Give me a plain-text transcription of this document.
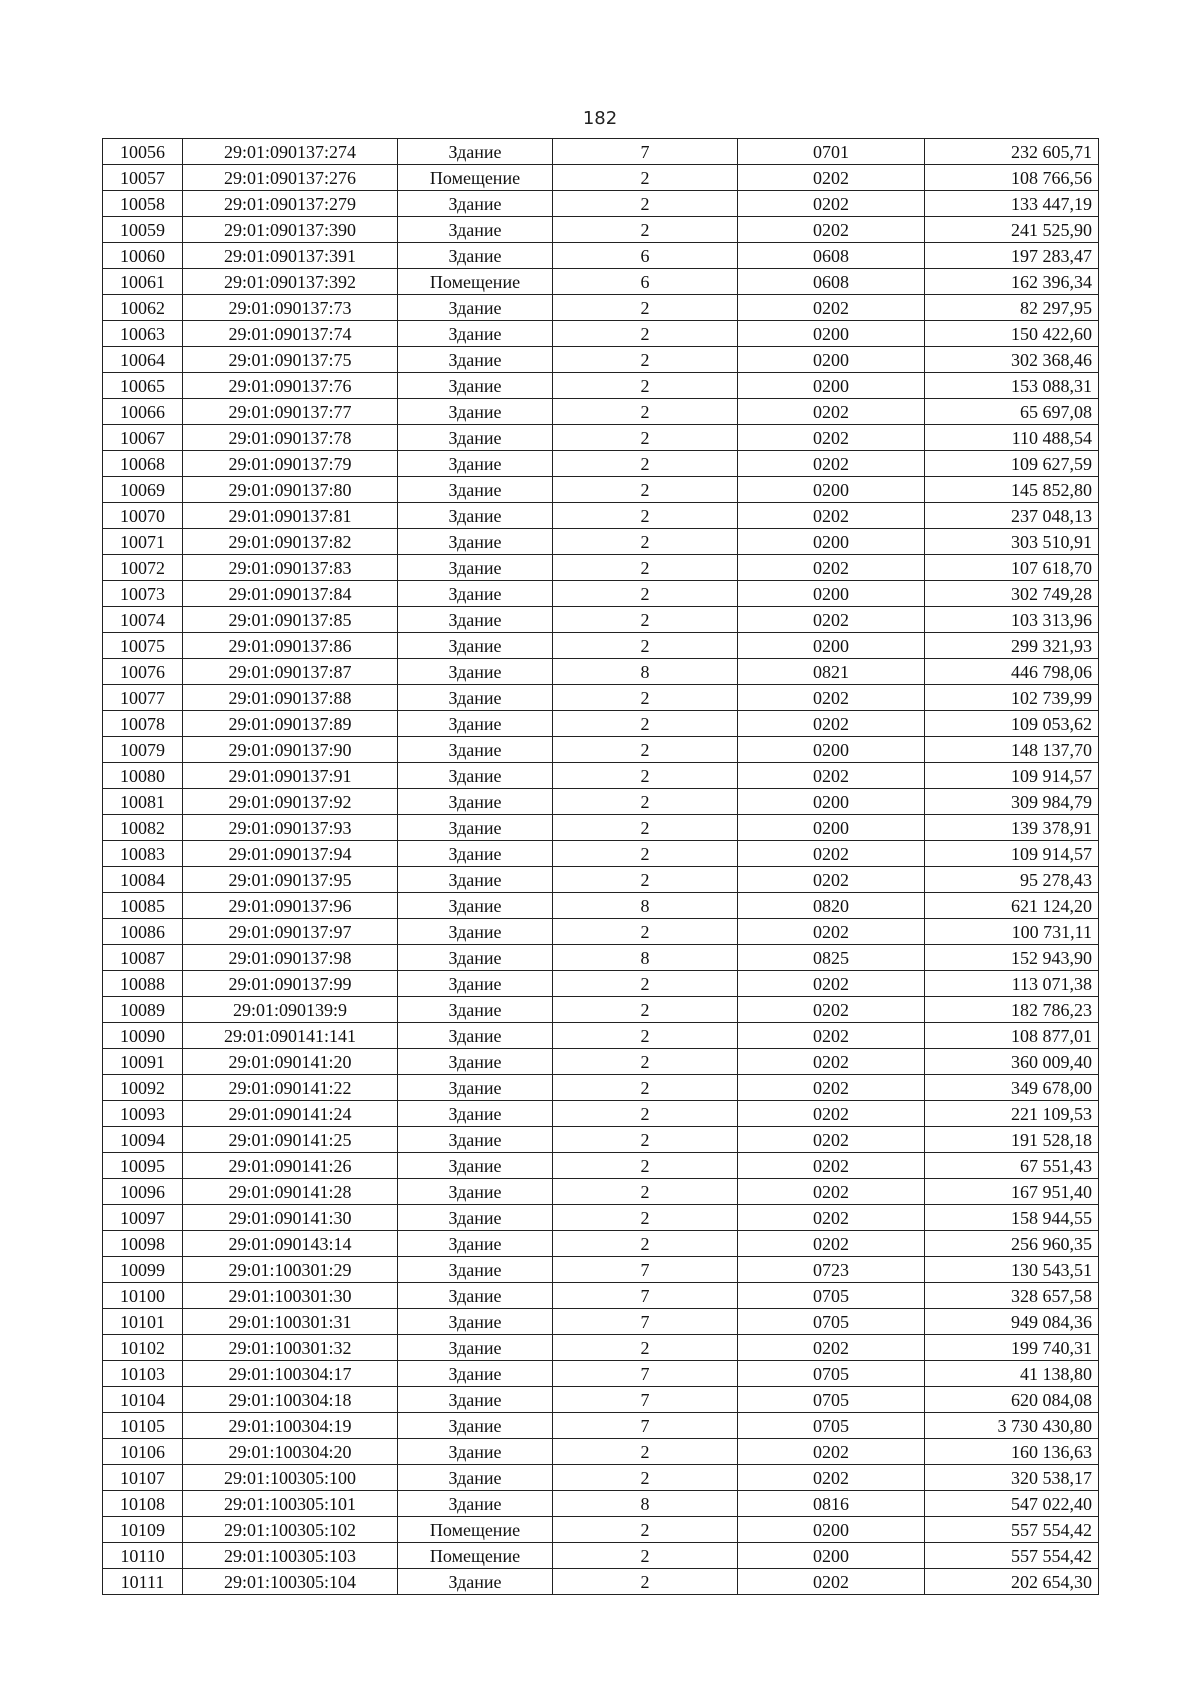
182
10056	29:01:090137:274	Здание	7	0701	232 605,71
10057	29:01:090137:276	Помещение	2	0202	108 766,56
10058	29:01:090137:279	Здание	2	0202	133 447,19
10059	29:01:090137:390	Здание	2	0202	241 525,90
10060	29:01:090137:391	Здание	6	0608	197 283,47
10061	29:01:090137:392	Помещение	6	0608	162 396,34
10062	29:01:090137:73	Здание	2	0202	82 297,95
10063	29:01:090137:74	Здание	2	0200	150 422,60
10064	29:01:090137:75	Здание	2	0200	302 368,46
10065	29:01:090137:76	Здание	2	0200	153 088,31
10066	29:01:090137:77	Здание	2	0202	65 697,08
10067	29:01:090137:78	Здание	2	0202	110 488,54
10068	29:01:090137:79	Здание	2	0202	109 627,59
10069	29:01:090137:80	Здание	2	0200	145 852,80
10070	29:01:090137:81	Здание	2	0202	237 048,13
10071	29:01:090137:82	Здание	2	0200	303 510,91
10072	29:01:090137:83	Здание	2	0202	107 618,70
10073	29:01:090137:84	Здание	2	0200	302 749,28
10074	29:01:090137:85	Здание	2	0202	103 313,96
10075	29:01:090137:86	Здание	2	0200	299 321,93
10076	29:01:090137:87	Здание	8	0821	446 798,06
10077	29:01:090137:88	Здание	2	0202	102 739,99
10078	29:01:090137:89	Здание	2	0202	109 053,62
10079	29:01:090137:90	Здание	2	0200	148 137,70
10080	29:01:090137:91	Здание	2	0202	109 914,57
10081	29:01:090137:92	Здание	2	0200	309 984,79
10082	29:01:090137:93	Здание	2	0200	139 378,91
10083	29:01:090137:94	Здание	2	0202	109 914,57
10084	29:01:090137:95	Здание	2	0202	95 278,43
10085	29:01:090137:96	Здание	8	0820	621 124,20
10086	29:01:090137:97	Здание	2	0202	100 731,11
10087	29:01:090137:98	Здание	8	0825	152 943,90
10088	29:01:090137:99	Здание	2	0202	113 071,38
10089	29:01:090139:9	Здание	2	0202	182 786,23
10090	29:01:090141:141	Здание	2	0202	108 877,01
10091	29:01:090141:20	Здание	2	0202	360 009,40
10092	29:01:090141:22	Здание	2	0202	349 678,00
10093	29:01:090141:24	Здание	2	0202	221 109,53
10094	29:01:090141:25	Здание	2	0202	191 528,18
10095	29:01:090141:26	Здание	2	0202	67 551,43
10096	29:01:090141:28	Здание	2	0202	167 951,40
10097	29:01:090141:30	Здание	2	0202	158 944,55
10098	29:01:090143:14	Здание	2	0202	256 960,35
10099	29:01:100301:29	Здание	7	0723	130 543,51
10100	29:01:100301:30	Здание	7	0705	328 657,58
10101	29:01:100301:31	Здание	7	0705	949 084,36
10102	29:01:100301:32	Здание	2	0202	199 740,31
10103	29:01:100304:17	Здание	7	0705	41 138,80
10104	29:01:100304:18	Здание	7	0705	620 084,08
10105	29:01:100304:19	Здание	7	0705	3 730 430,80
10106	29:01:100304:20	Здание	2	0202	160 136,63
10107	29:01:100305:100	Здание	2	0202	320 538,17
10108	29:01:100305:101	Здание	8	0816	547 022,40
10109	29:01:100305:102	Помещение	2	0200	557 554,42
10110	29:01:100305:103	Помещение	2	0200	557 554,42
10111	29:01:100305:104	Здание	2	0202	202 654,30
